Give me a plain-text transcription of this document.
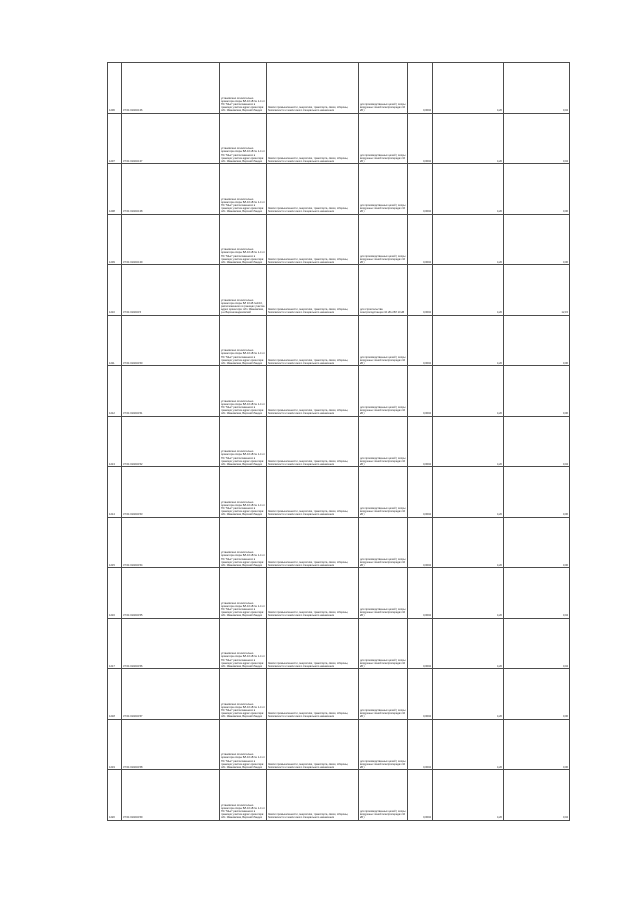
1206	37:01:010243:46	установлено относительно ориентира опоры ВЛ-10 кВ № 1-4 от ПС "Мыс" расположенного в границах участка адрес ориентира: обл. Ивановская, Верхний Ландех	Земли промышленности, энергетики, транспорта, связи, обороны, безопасности и земли иного специального назначения	для производственных целей ( опоры воздушных линий электропередач 10 кВ )	0,0004	4,20	0,04

1207	37:01:010243:47	установлено относительно ориентира опоры ВЛ-10 кВ № 1-4 от ПС "Мыс" расположенного в границах участка адрес ориентира: обл. Ивановская, Верхний Ландех	Земли промышленности, энергетики, транспорта, связи, обороны, безопасности и земли иного специального назначения	для производственных целей ( опоры воздушных линий электропередач 10 кВ )	0,0004	4,20	0,04

1208	37:01:010243:48	установлено относительно ориентира опоры ВЛ-10 кВ № 1-4 от ПС "Мыс" расположенного в границах участка адрес ориентира: обл. Ивановская, Верхний Ландех	Земли промышленности, энергетики, транспорта, связи, обороны, безопасности и земли иного специального назначения	для производственных целей ( опоры воздушных линий электропередач 10 кВ )	0,0004	4,20	0,06

1209	37:01:010243:49	установлено относительно ориентира опоры ВЛ-10 кВ № 1-4 от ПС "Мыс" расположенного в границах участка адрес ориентира: обл. Ивановская, Верхний Ландех	Земли промышленности, энергетики, транспорта, связи, обороны, безопасности и земли иного специального назначения	для производственных целей ( опоры воздушных линий электропередач 10 кВ )	0,0004	4,20	0,06

1210	37:01:010243:5	установлено относительно ориентира опоры ВЛ 10 кВ №1/10, расположенного в границах участка адрес ориентира: обл. Ивановская, р-н Верхнеландеховский	Земли промышленности, энергетики, транспорта, связи, обороны, безопасности и земли иного специального назначения	для строительства электроподстанции 10 кВ и ВЛ 10 кВ	0,0004	4,20	12,15

1211	37:01:010243:50	установлено относительно ориентира опоры ВЛ-10 кВ № 1-4 от ПС "Мыс" расположенного в границах участка адрес ориентира: обл. Ивановская, Верхний Ландех	Земли промышленности, энергетики, транспорта, связи, обороны, безопасности и земли иного специального назначения	для производственных целей ( опоры воздушных линий электропередач 10 кВ )	0,0004	4,20	0,06

1212	37:01:010243:51	установлено относительно ориентира опоры ВЛ-10 кВ № 1-4 от ПС "Мыс" расположенного в границах участка адрес ориентира: обл. Ивановская, Верхний Ландех	Земли промышленности, энергетики, транспорта, связи, обороны, безопасности и земли иного специального назначения	для производственных целей ( опоры воздушных линий электропередач 10 кВ )	0,0004	4,20	0,06

1213	37:01:010243:52	установлено относительно ориентира опоры ВЛ-10 кВ № 1-4 от ПС "Мыс" расположенного в границах участка адрес ориентира: обл. Ивановская, Верхний Ландех	Земли промышленности, энергетики, транспорта, связи, обороны, безопасности и земли иного специального назначения	для производственных целей ( опоры воздушных линий электропередач 10 кВ )	0,0004	4,20	0,04

1214	37:01:010243:53	установлено относительно ориентира опоры ВЛ-10 кВ № 1-4 от ПС "Мыс" расположенного в границах участка адрес ориентира: обл. Ивановская, Верхний Ландех	Земли промышленности, энергетики, транспорта, связи, обороны, безопасности и земли иного специального назначения	для производственных целей ( опоры воздушных линий электропередач 10 кВ )	0,0004	4,20	0,06

1215	37:01:010243:54	установлено относительно ориентира опоры ВЛ-10 кВ № 1-4 от ПС "Мыс" расположенного в границах участка адрес ориентира: обл. Ивановская, Верхний Ландех	Земли промышленности, энергетики, транспорта, связи, обороны, безопасности и земли иного специального назначения	для производственных целей ( опоры воздушных линий электропередач 10 кВ )	0,0004	4,20	0,06

1216	37:01:010243:55	установлено относительно ориентира опоры ВЛ-10 кВ № 1-4 от ПС "Мыс" расположенного в границах участка адрес ориентира: обл. Ивановская, Верхний Ландех	Земли промышленности, энергетики, транспорта, связи, обороны, безопасности и земли иного специального назначения	для производственных целей ( опоры воздушных линий электропередач 10 кВ )	0,0004	4,20	0,04

1217	37:01:010243:56	установлено относительно ориентира опоры ВЛ-10 кВ № 1-4 от ПС "Мыс" расположенного в границах участка адрес ориентира: обл. Ивановская, Верхний Ландех	Земли промышленности, энергетики, транспорта, связи, обороны, безопасности и земли иного специального назначения	для производственных целей ( опоры воздушных линий электропередач 10 кВ )	0,0004	4,20	0,04

1218	37:01:010243:57	установлено относительно ориентира опоры ВЛ-10 кВ № 1-4 от ПС "Мыс" расположенного в границах участка адрес ориентира: обл. Ивановская, Верхний Ландех	Земли промышленности, энергетики, транспорта, связи, обороны, безопасности и земли иного специального назначения	для производственных целей ( опоры воздушных линий электропередач 10 кВ )	0,0004	4,20	0,06

1219	37:01:010243:58	установлено относительно ориентира опоры ВЛ-10 кВ № 1-4 от ПС "Мыс" расположенного в границах участка адрес ориентира: обл. Ивановская, Верхний Ландех	Земли промышленности, энергетики, транспорта, связи, обороны, безопасности и земли иного специального назначения	для производственных целей ( опоры воздушных линий электропередач 10 кВ )	0,0004	4,20	0,06

1220	37:01:010243:59	установлено относительно ориентира опоры ВЛ-10 кВ № 1-4 от ПС "Мыс" расположенного в границах участка адрес ориентира: обл. Ивановская, Верхний Ландех	Земли промышленности, энергетики, транспорта, связи, обороны, безопасности и земли иного специального назначения	для производственных целей ( опоры воздушных линий электропередач 10 кВ )	0,0004	4,20	0,04
